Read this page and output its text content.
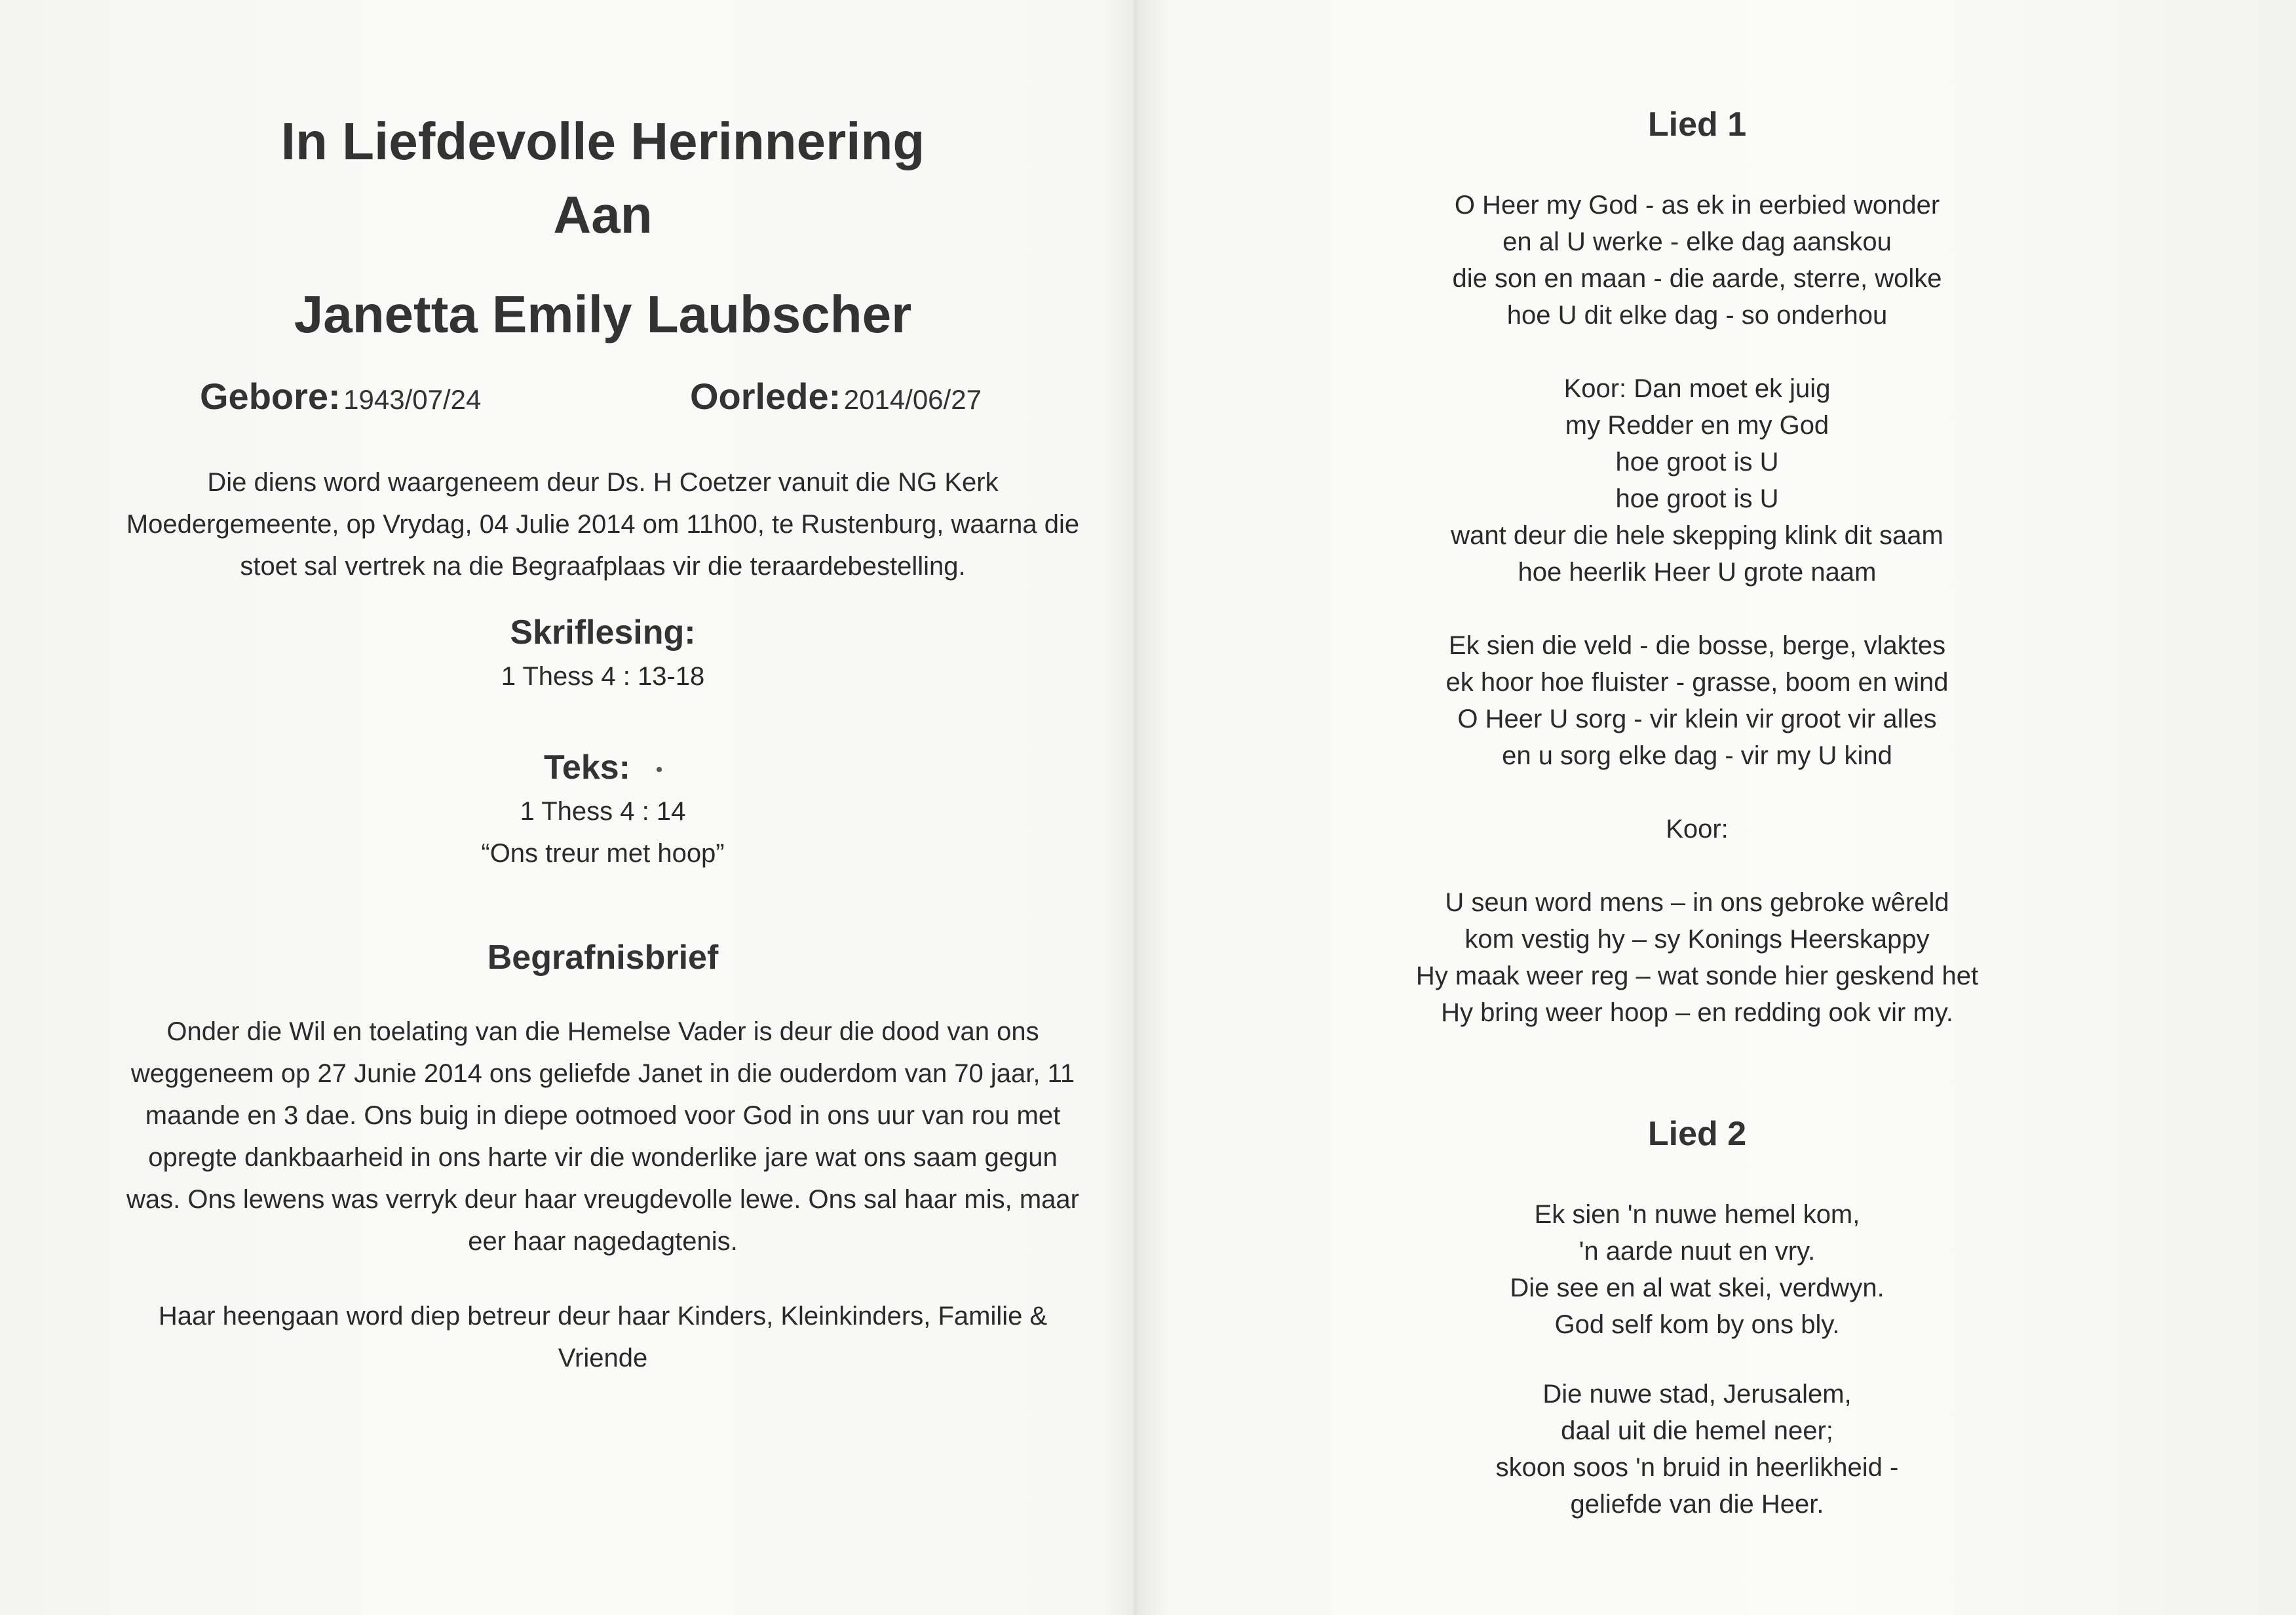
In Liefdevolle Herinnering

Aan

Janetta Emily Laubscher

Gebore: 1943/07/24	Oorlede: 2014/06/27

Die diens word waargeneem deur Ds. H Coetzer vanuit die NG Kerk

Moedergemeente, op Vrydag, 04 Julie 2014 om 11h00, te Rustenburg, waarna die

stoet sal vertrek na die Begraafplaas vir die teraardebestelling.

Skriflesing:

1 Thess 4 : 13-18

Teks:

1 Thess 4 : 14

“Ons treur met hoop”

Begrafnisbrief

Onder die Wil en toelating van die Hemelse Vader is deur die dood van ons

weggeneem op 27 Junie 2014 ons geliefde Janet in die ouderdom van 70 jaar, 11

maande en 3 dae. Ons buig in diepe ootmoed voor God in ons uur van rou met

opregte dankbaarheid in ons harte vir die wonderlike jare wat ons saam gegun

was. Ons lewens was verryk deur haar vreugdevolle lewe. Ons sal haar mis, maar

eer haar nagedagtenis.

Haar heengaan word diep betreur deur haar Kinders, Kleinkinders, Familie &

Vriende

Lied 1

O Heer my God - as ek in eerbied wonder
en al U werke - elke dag aanskou
die son en maan - die aarde, sterre, wolke
hoe U dit elke dag - so onderhou
Koor: Dan moet ek juig
my Redder en my God
hoe groot is U
hoe groot is U
want deur die hele skepping klink dit saam
hoe heerlik Heer U grote naam
Ek sien die veld - die bosse, berge, vlaktes
ek hoor hoe fluister - grasse, boom en wind
O Heer U sorg - vir klein vir groot vir alles
en u sorg elke dag - vir my U kind
Koor:
U seun word mens – in ons gebroke wêreld
kom vestig hy – sy Konings Heerskappy
Hy maak weer reg – wat sonde hier geskend het
Hy bring weer hoop – en redding ook vir my.

Lied 2

Ek sien 'n nuwe hemel kom,
'n aarde nuut en vry.
Die see en al wat skei, verdwyn.
God self kom by ons bly.
Die nuwe stad, Jerusalem,
daal uit die hemel neer;
skoon soos 'n bruid in heerlikheid -
geliefde van die Heer.
